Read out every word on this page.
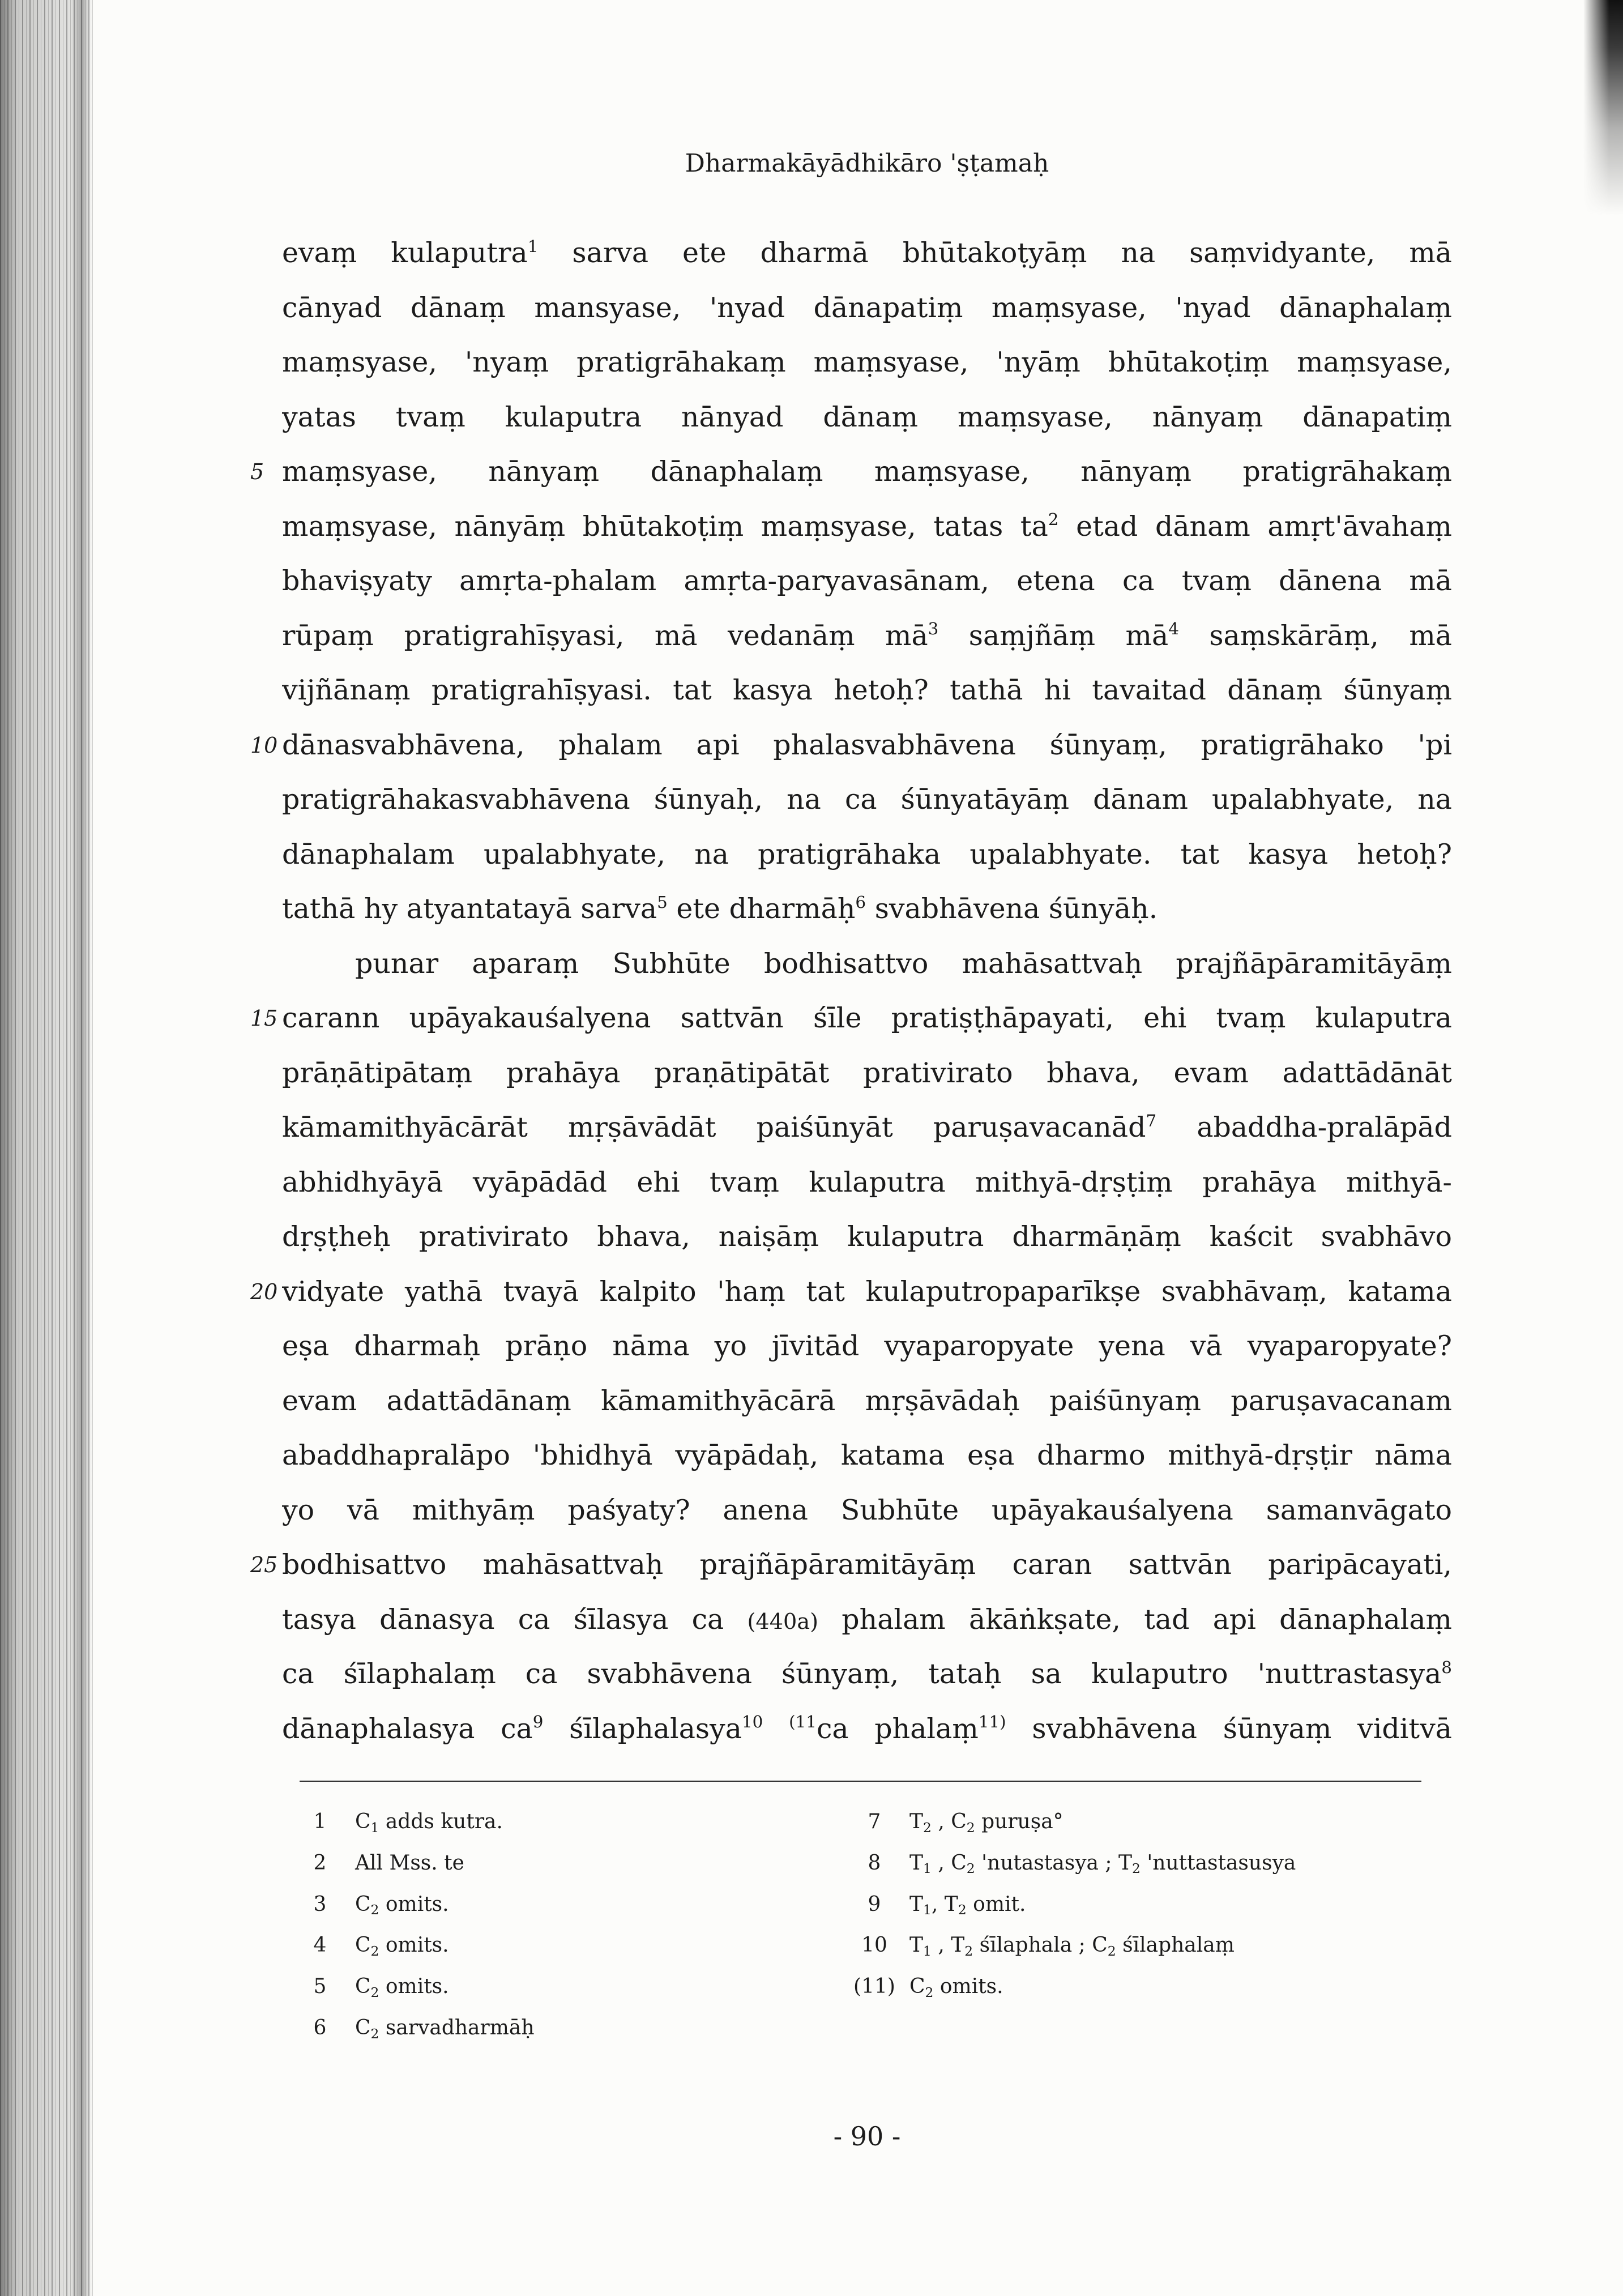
Dharmakāyādhikāro 'ṣṭamaḥ
evaṃ kulaputra$^1$ sarva ete dharmā bhūtakoṭyāṃ na saṃvidyante, mā
cānyad dānaṃ mansyase, 'nyad dānapatiṃ maṃsyase, 'nyad dānaphalaṃ
maṃsyase, 'nyaṃ pratigrāhakaṃ maṃsyase, 'nyāṃ bhūtakoṭiṃ maṃsyase,
yatas tvaṃ kulaputra nānyad dānaṃ maṃsyase, nānyaṃ dānapatiṃ
5 maṃsyase, nānyaṃ dānaphalaṃ maṃsyase, nānyaṃ pratigrāhakaṃ
maṃsyase, nānyāṃ bhūtakoṭiṃ maṃsyase, tatas $ta^2$ etad dānam amṛt'āvahaṃ
bhaviṣyaty amṛta-phalam amṛta-paryavasānam, etena ca tvaṃ dānena mā
rūpaṃ pratigrahīṣyasi, mā vedanāṃ $mā^3$ saṃjñāṃ $mā^4$ saṃskārāṃ, mā
vijñānaṃ pratigrahīṣyasi. tat kasya hetoḥ? tathā hi tavaitad dānaṃ śūnyaṃ
10 dānasvabhāvena, phalam api phalasvabhāvena śūnyaṃ, pratigrāhako 'pi
pratigrāhakasvabhāvena śūnyaḥ, na ca śūnyatāyāṃ dānam upalabhyate, na
dānaphalam upalabhyate, na pratigrāhaka upalabhyate. tat kasya hetoḥ?
tathā hy atyantatayā sarva$^5$ ete dharmāḥ$^6$ svabhāvena śūnyāḥ.
punar aparaṃ Subhūte bodhisattvo mahāsattvaḥ prajñāpāramitāyāṃ
15 carann upāyakauśalyena sattvān śīle pratiṣṭhāpayati, ehi tvaṃ kulaputra
prāṇātipātaṃ prahāya praṇātipātāt prativirato bhava, evam adattādānāt
kāmamithyācārāt mṛṣāvādāt paiśūnyāt paruṣavacanād$^7$ abaddha-pralāpād
abhidhyāyā vyāpādād ehi tvaṃ kulaputra mithyā-dṛṣṭiṃ prahāya mithyā-
dṛṣṭheḥ prativirato bhava, naiṣāṃ kulaputra dharmāṇāṃ kaścit svabhāvo
20 vidyate yathā tvayā kalpito 'haṃ tat kulaputropaparīkṣe svabhāvaṃ, katama
eṣa dharmaḥ prāṇo nāma yo jīvitād vyaparopyate yena vā vyaparopyate?
evam adattādānaṃ kāmamithyācārā mṛṣāvādaḥ paiśūnyaṃ paruṣavacanam
abaddhapralāpo 'bhidhyā vyāpādaḥ, katama eṣa dharmo mithyā-dṛṣṭir nāma
yo vā mithyāṃ paśyaty? anena Subhūte upāyakauśalyena samanvāgato
25 bodhisattvo mahāsattvaḥ prajñāpāramitāyāṃ caran sattvān paripācayati,
tasya dānasya ca śīlasya ca (440a) phalam ākāṅkṣate, tad api dānaphalaṃ
ca śīlaphalaṃ ca svabhāvena śūnyaṃ, tataḥ sa kulaputro 'nuttrastasya$^8$
dānaphalasya $ca^9$ śīlaphalasya$^{10}$ $^{(11}$ca phalaṃ$^{11)}$ svabhāvena śūnyaṃ viditvā
1 C1 adds kutra.
2 All Mss. te
3 C2 omits.
4 C2 omits.
5 C2 omits.
6 C2 sarvadharmāḥ
7 T2 , C2 puruṣa°
8 T1 , C2 'nutastasya ; T2 'nuttastasusya
9 T1, T2 omit.
10 T1 , T2 śīlaphala ; C2 śīlaphalaṃ
(11) C2 omits.
- 90 -
